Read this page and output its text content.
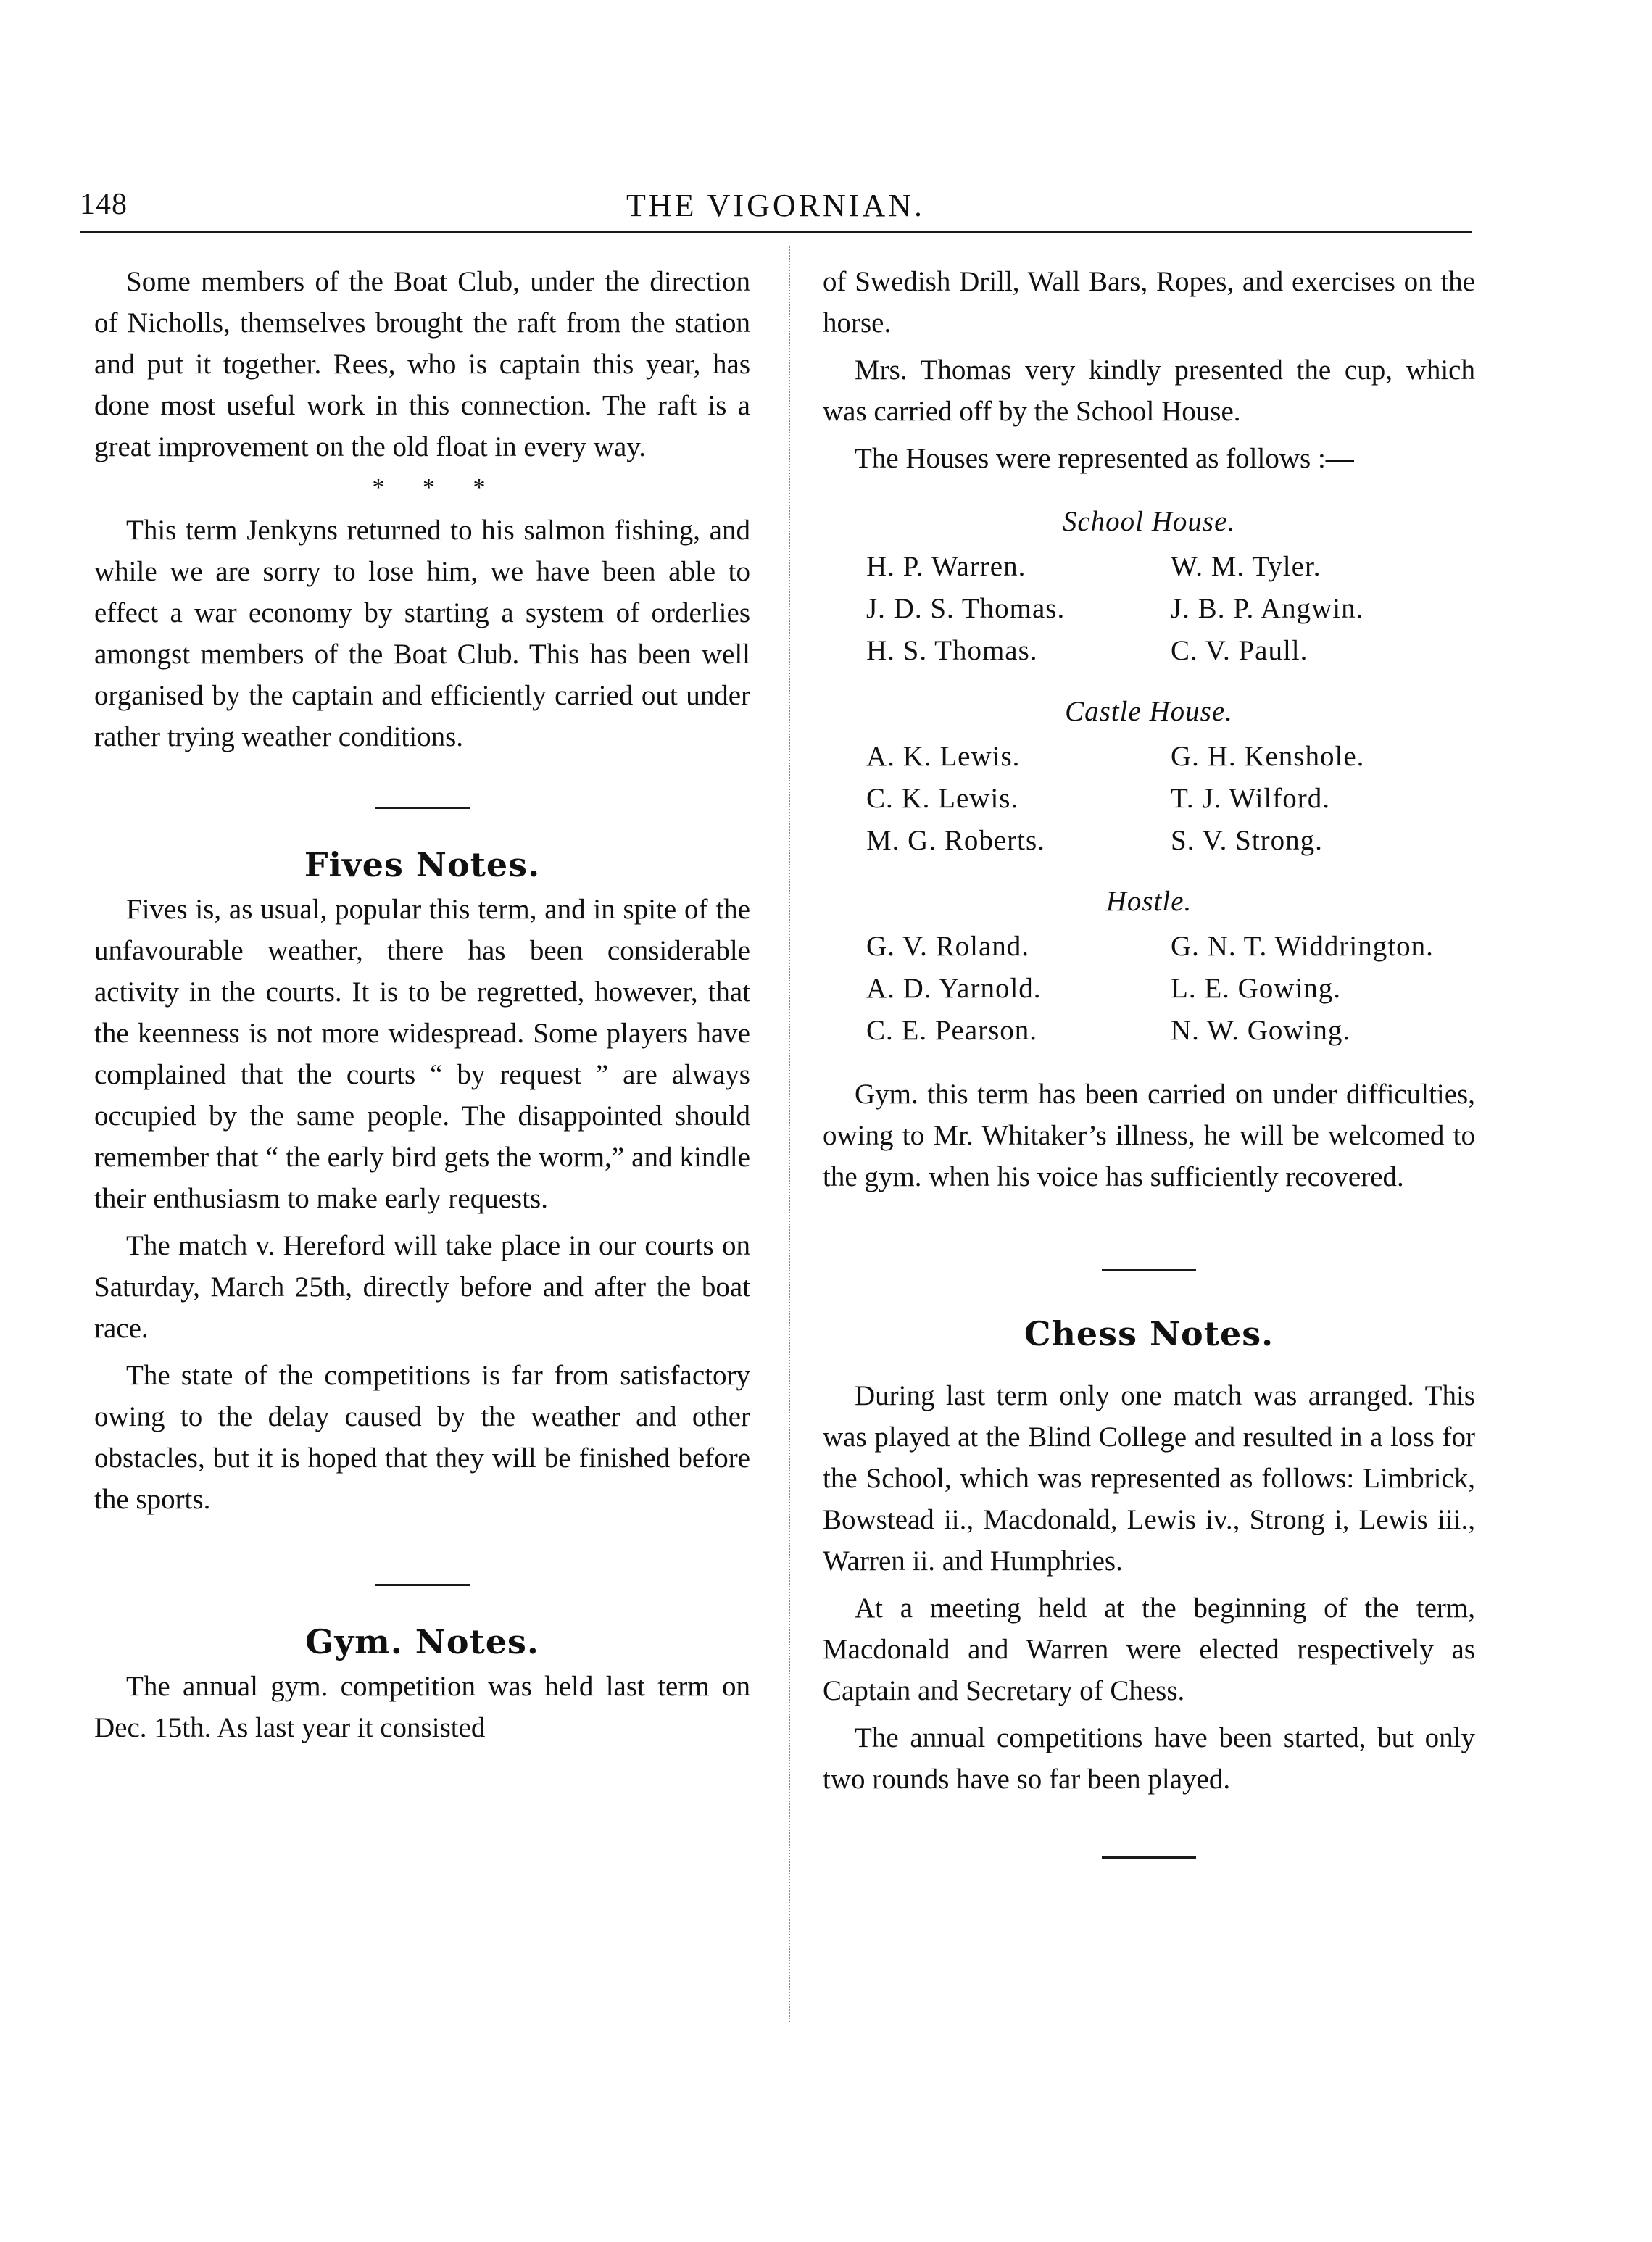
148	THE VIGORNIAN.

Some members of the Boat Club, under the direction of Nicholls, themselves brought the raft from the station and put it together. Rees, who is captain this year, has done most useful work in this connection. The raft is a great improvement on the old float in every way.

* * *

This term Jenkyns returned to his salmon fishing, and while we are sorry to lose him, we have been able to effect a war economy by starting a system of orderlies amongst members of the Boat Club. This has been well organised by the captain and efficiently carried out under rather trying weather conditions.

Fives Notes.

Fives is, as usual, popular this term, and in spite of the unfavourable weather, there has been considerable activity in the courts. It is to be regretted, however, that the keenness is not more widespread. Some players have complained that the courts “ by request ” are always occupied by the same people. The disappointed should remember that “ the early bird gets the worm,” and kindle their enthusiasm to make early requests.

The match v. Hereford will take place in our courts on Saturday, March 25th, directly before and after the boat race.

The state of the competitions is far from satisfactory owing to the delay caused by the weather and other obstacles, but it is hoped that they will be finished before the sports.

Gym. Notes.

The annual gym. competition was held last term on Dec. 15th. As last year it consisted

of Swedish Drill, Wall Bars, Ropes, and exercises on the horse.

Mrs. Thomas very kindly presented the cup, which was carried off by the School House.

The Houses were represented as follows :—

School House.
H. P. Warren.	W. M. Tyler.
J. D. S. Thomas.	J. B. P. Angwin.
H. S. Thomas.	C. V. Paull.
Castle House.
A. K. Lewis.	G. H. Kenshole.
C. K. Lewis.	T. J. Wilford.
M. G. Roberts.	S. V. Strong.
Hostle.
G. V. Roland.	G. N. T. Widdrington.
A. D. Yarnold.	L. E. Gowing.
C. E. Pearson.	N. W. Gowing.

Gym. this term has been carried on under difficulties, owing to Mr. Whitaker’s illness, he will be welcomed to the gym. when his voice has sufficiently recovered.

Chess Notes.

During last term only one match was arranged. This was played at the Blind College and resulted in a loss for the School, which was represented as follows: Limbrick, Bowstead ii., Macdonald, Lewis iv., Strong i, Lewis iii., Warren ii. and Humphries.

At a meeting held at the beginning of the term, Macdonald and Warren were elected respectively as Captain and Secretary of Chess.

The annual competitions have been started, but only two rounds have so far been played.
